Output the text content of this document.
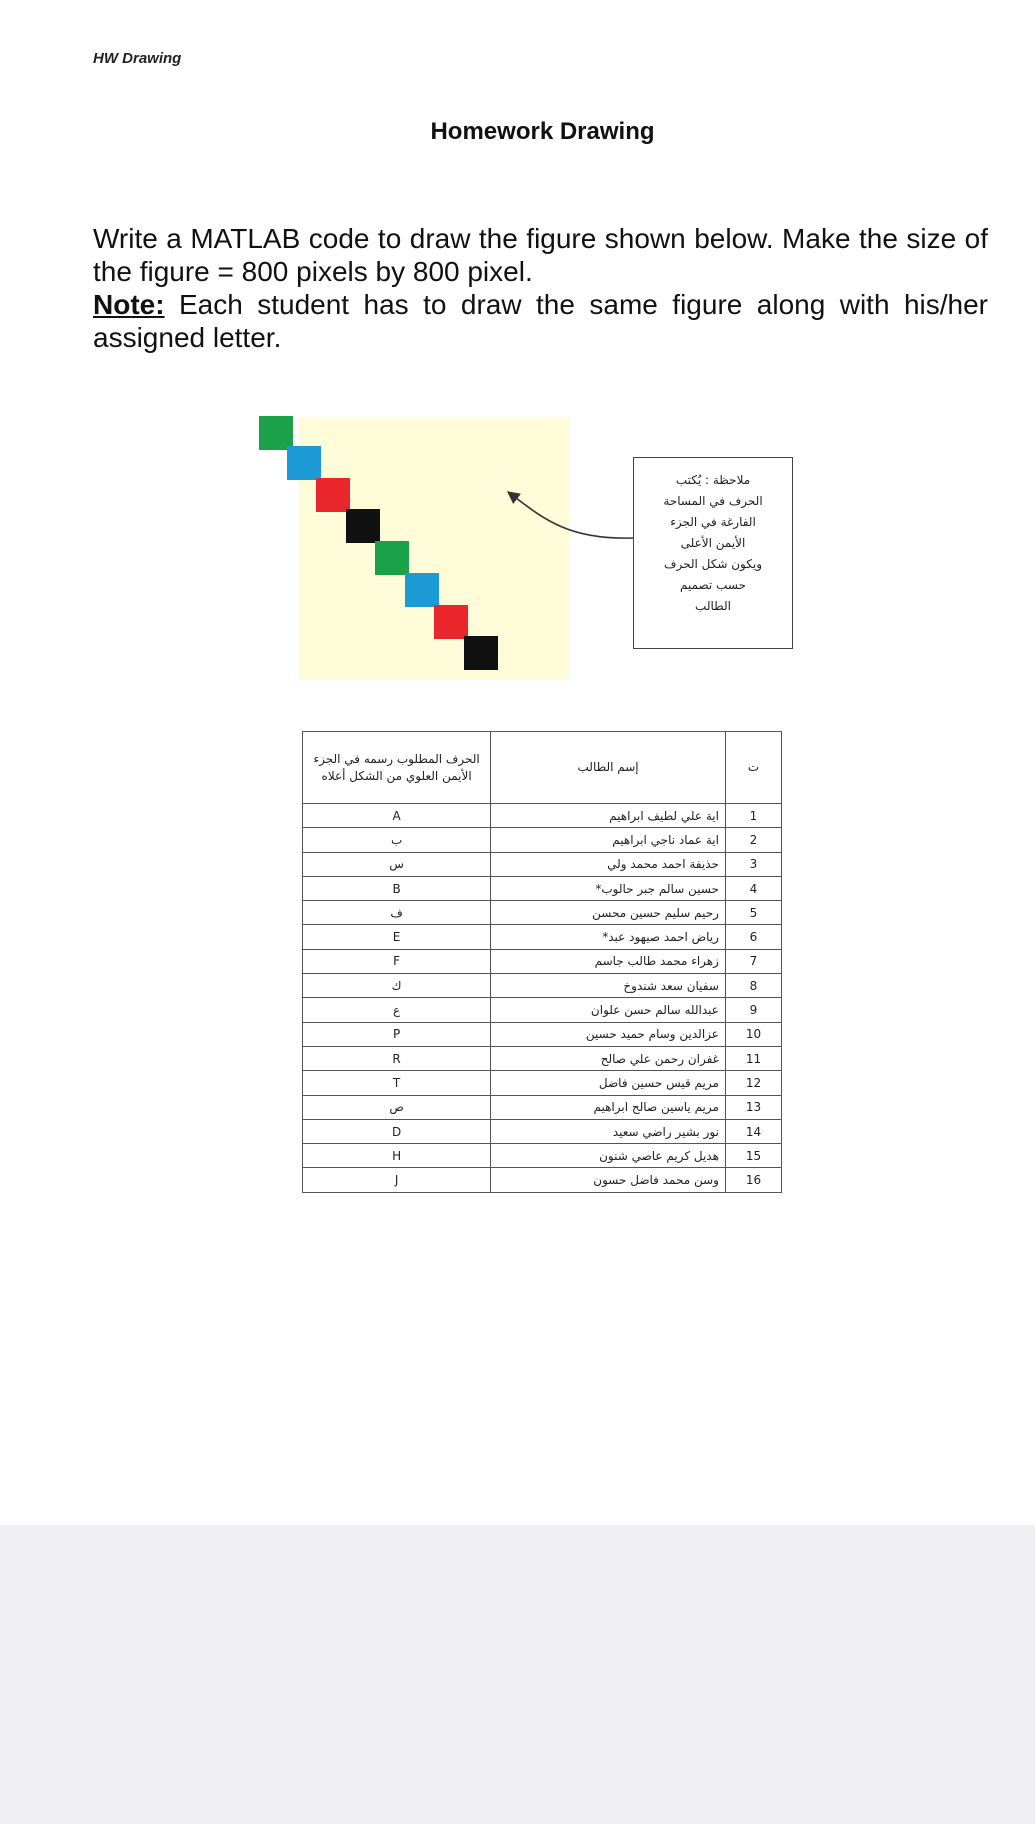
HW Drawing
Homework Drawing

Write a MATLAB code to draw the figure shown below. Make the size of the figure = 800 pixels by 800 pixel.

Note: Each student has to draw the same figure along with his/her assigned letter.

ملاحظة : يُكتب
الحرف في المساحة
الفارغة في الجزء
الأيمن الأعلى
ويكون شكل الحرف
حسب تصميم
الطالب
الحرف المطلوب رسمه في الجزء الأيمن العلوي من الشكل أعلاه	إسم الطالب	ت
A	اية علي لطيف ابراهيم	1
ب	اية عماد ناجي ابراهيم	2
س	حذيفة احمد محمد ولي	3
B	حسين سالم جبر حالوب*	4
ف	رحيم سليم حسين محسن	5
E	رياض احمد صيهود عبد*	6
F	زهراء محمد طالب جاسم	7
ك	سفيان سعد شندوخ	8
ع	عبدالله سالم حسن علوان	9
P	عزالدين وسام حميد حسين	10
R	غفران رحمن علي صالح	11
T	مريم قيس حسين فاضل	12
ص	مريم ياسين صالح ابراهيم	13
D	نور بشير راضي سعيد	14
H	هديل كريم عاصي شنون	15
J	وسن محمد فاضل حسون	16
